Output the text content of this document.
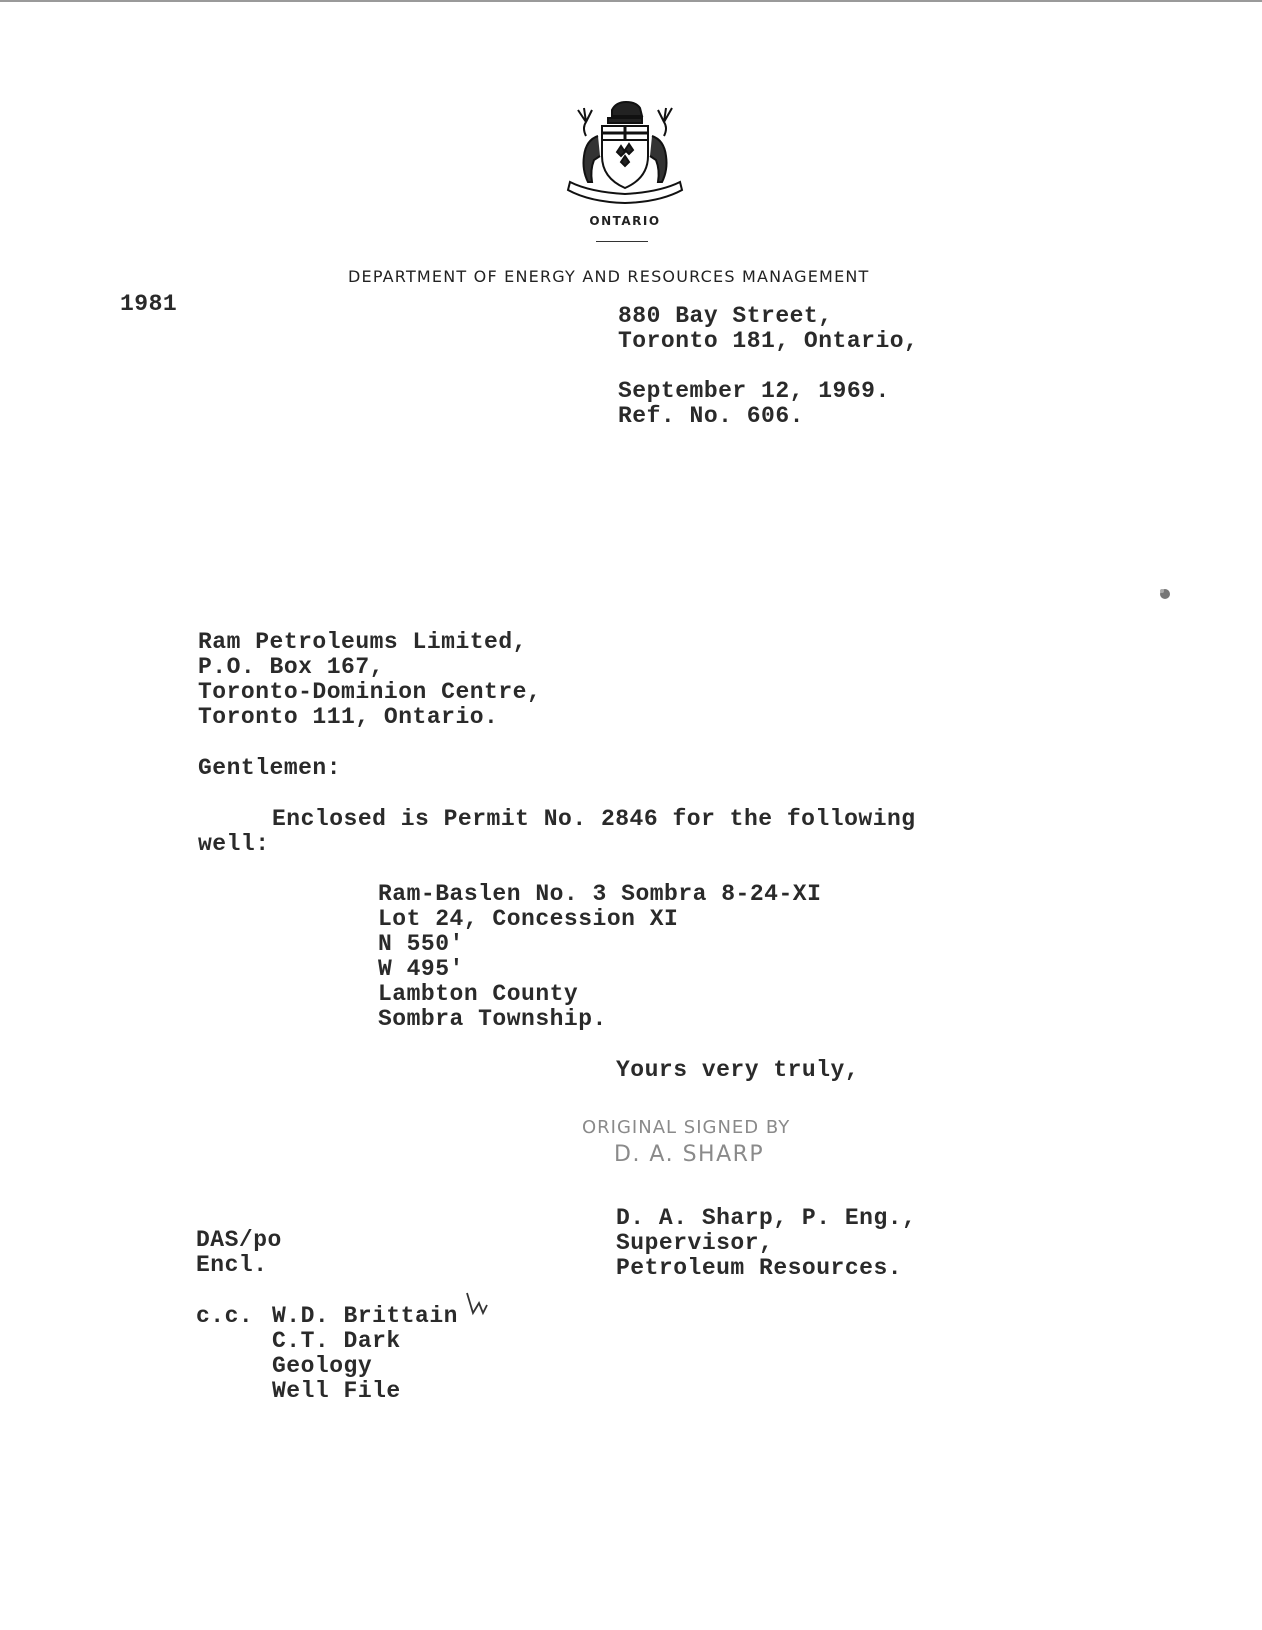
ONTARIO
DEPARTMENT OF ENERGY AND RESOURCES MANAGEMENT
1981	880 Bay Street,
Toronto 181, Ontario,
September 12, 1969.
Ref. No. 606.
Ram Petroleums Limited,
P.O. Box 167,
Toronto-Dominion Centre,
Toronto 111, Ontario.
Gentlemen:
Enclosed is Permit No. 2846 for the following
well:
Ram-Baslen No. 3 Sombra 8-24-XI
Lot 24, Concession XI
N 550'
W 495'
Lambton County
Sombra Township.
Yours very truly,
ORIGINAL SIGNED BY
D. A. SHARP
D. A. Sharp, P. Eng.,
Supervisor,
Petroleum Resources.
DAS/po
Encl.
c.c. W.D. Brittain
C.T. Dark
Geology
Well File
